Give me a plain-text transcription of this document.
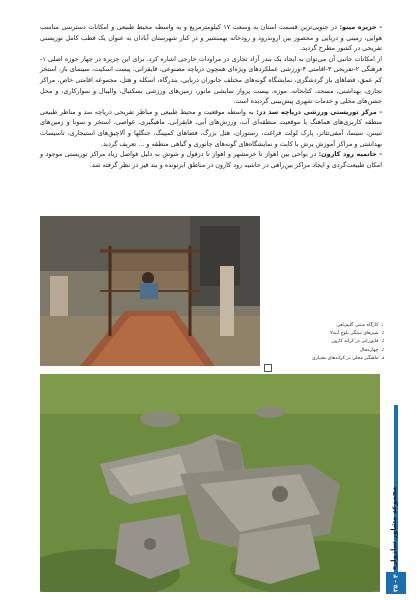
- جزیره مینو: در جنوبی‌ترین قسمت استان به وسعت ۱۷ کیلومترمربع و به واسطه محیط طبیعی و امکانات دسترسی مناسب هوایی، زمینی و دریایی و محصور بین اروندرود و رودخانه بهمنشیر و در کنار شهرستان آبادان به عنوان یک قطب کامل توریستی تفریحی در کشور مطرح گردید.

از امکانات جانبی آن می‌توان به ایجاد یک بندر آزاد تجاری در مراودات خارجی اشاره کرد. برای این جزیره در چهار حوزه اصلی ۱-فرهنگی ۲-تفریحی ۳-اقامتی ۴-ورزشی عملکردهای ویژه‌ای همچون دریاچه مصنوعی، قایقرانی، پیست اسکیت، سینمای باز، استخر کم عمق، فضاهای باز گردشگری، نمایشگاه گونه‌های مختلف جانوران دریایی، بندرگاه، اسکله و هتل، مجموعه اقامتی خاص، مراکز تجاری، بهداشتی، مسجد، کتابخانه، موزه، پیست پرواز نمایشی مانور، زمین‌های ورزشی بسکتبال، والیبال و سوارکاری، و محل جشن‌های محلی و خدمات شهری پیش‌بینی گردیده است.

- مرکز توریستی ورزشی دریاچه سد دز: به واسطه موقعیت و محیط طبیعی و مناظر تفریحی دریاچه سد و مناظر طبیعی منطقه کاربری‌های هماهنگ با موقعیت منطقه‌ای آب، ورزش‌های آبی، قایقرانی، ماهیگیری، غواصی، استخر و سونا و زمین‌های تنیس، سینما، آمفی‌تئاتر، پارک لولت فراغت، رستوران، هتل بزرگ، فضاهای کمپینگ، جنگلها و آلاچیق‌های استیجاری، تاسیسات بهداشتی و مراکز آموزش پرش با کایت و نمایشگاه‌های گونه‌های جانوری و گیاهی منطقه و ... تعریف گردید.

- خاتمیه رود کارون: در نواحی بین اهواز تا خرمشهر و اهواز تا دزفول و شوش به دلیل فواصل زیاد مراکز توریستی موجود و امکان طبیعت‌گردی و ایجاد مراکز بین‌راهی در حاشیه رود کارون در مناطق ابرتونده و بند قیر در نظر گرفته شد.

.
کارگاه سنتی گلیم‌بافی
.
شیرهای سنگی بلوچ آبیدلا
.
قایق‌رانی در کرانه کارون
.
چهارمحال
.
ماهیگیر محلی در کرانه‌های بختیاری
مجموعه مشاور سازواره
۳۵ - ۴
